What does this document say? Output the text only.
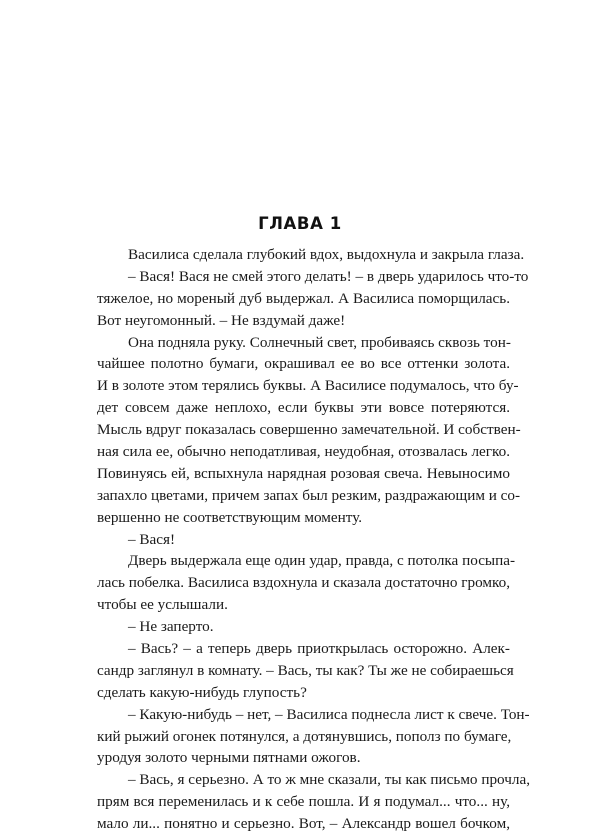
ГЛАВА 1
Василиса сделала глубокий вдох, выдохнула и закрыла глаза.
– Вася! Вася не смей этого делать! – в дверь ударилось что-то
тяжелое, но мореный дуб выдержал. А Василиса поморщилась.
Вот неугомонный. – Не вздумай даже!
Она подняла руку. Солнечный свет, пробиваясь сквозь тон-
чайшее полотно бумаги, окрашивал ее во все оттенки золота.
И в золоте этом терялись буквы. А Василисе подумалось, что бу-
дет совсем даже неплохо, если буквы эти вовсе потеряются.
Мысль вдруг показалась совершенно замечательной. И собствен-
ная сила ее, обычно неподатливая, неудобная, отозвалась легко.
Повинуясь ей, вспыхнула нарядная розовая свеча. Невыносимо
запахло цветами, причем запах был резким, раздражающим и со-
вершенно не соответствующим моменту.
– Вася!
Дверь выдержала еще один удар, правда, с потолка посыпа-
лась побелка. Василиса вздохнула и сказала достаточно громко,
чтобы ее услышали.
– Не заперто.
– Вась? – а теперь дверь приоткрылась осторожно. Алек-
сандр заглянул в комнату. – Вась, ты как? Ты же не собираешься
сделать какую-нибудь глупость?
– Какую-нибудь – нет, – Василиса поднесла лист к свече. Тон-
кий рыжий огонек потянулся, а дотянувшись, пополз по бумаге,
уродуя золото черными пятнами ожогов.
– Вась, я серьезно. А то ж мне сказали, ты как письмо прочла,
прям вся переменилась и к себе пошла. И я подумал... что... ну,
мало ли... понятно и серьезно. Вот, – Александр вошел бочком,
